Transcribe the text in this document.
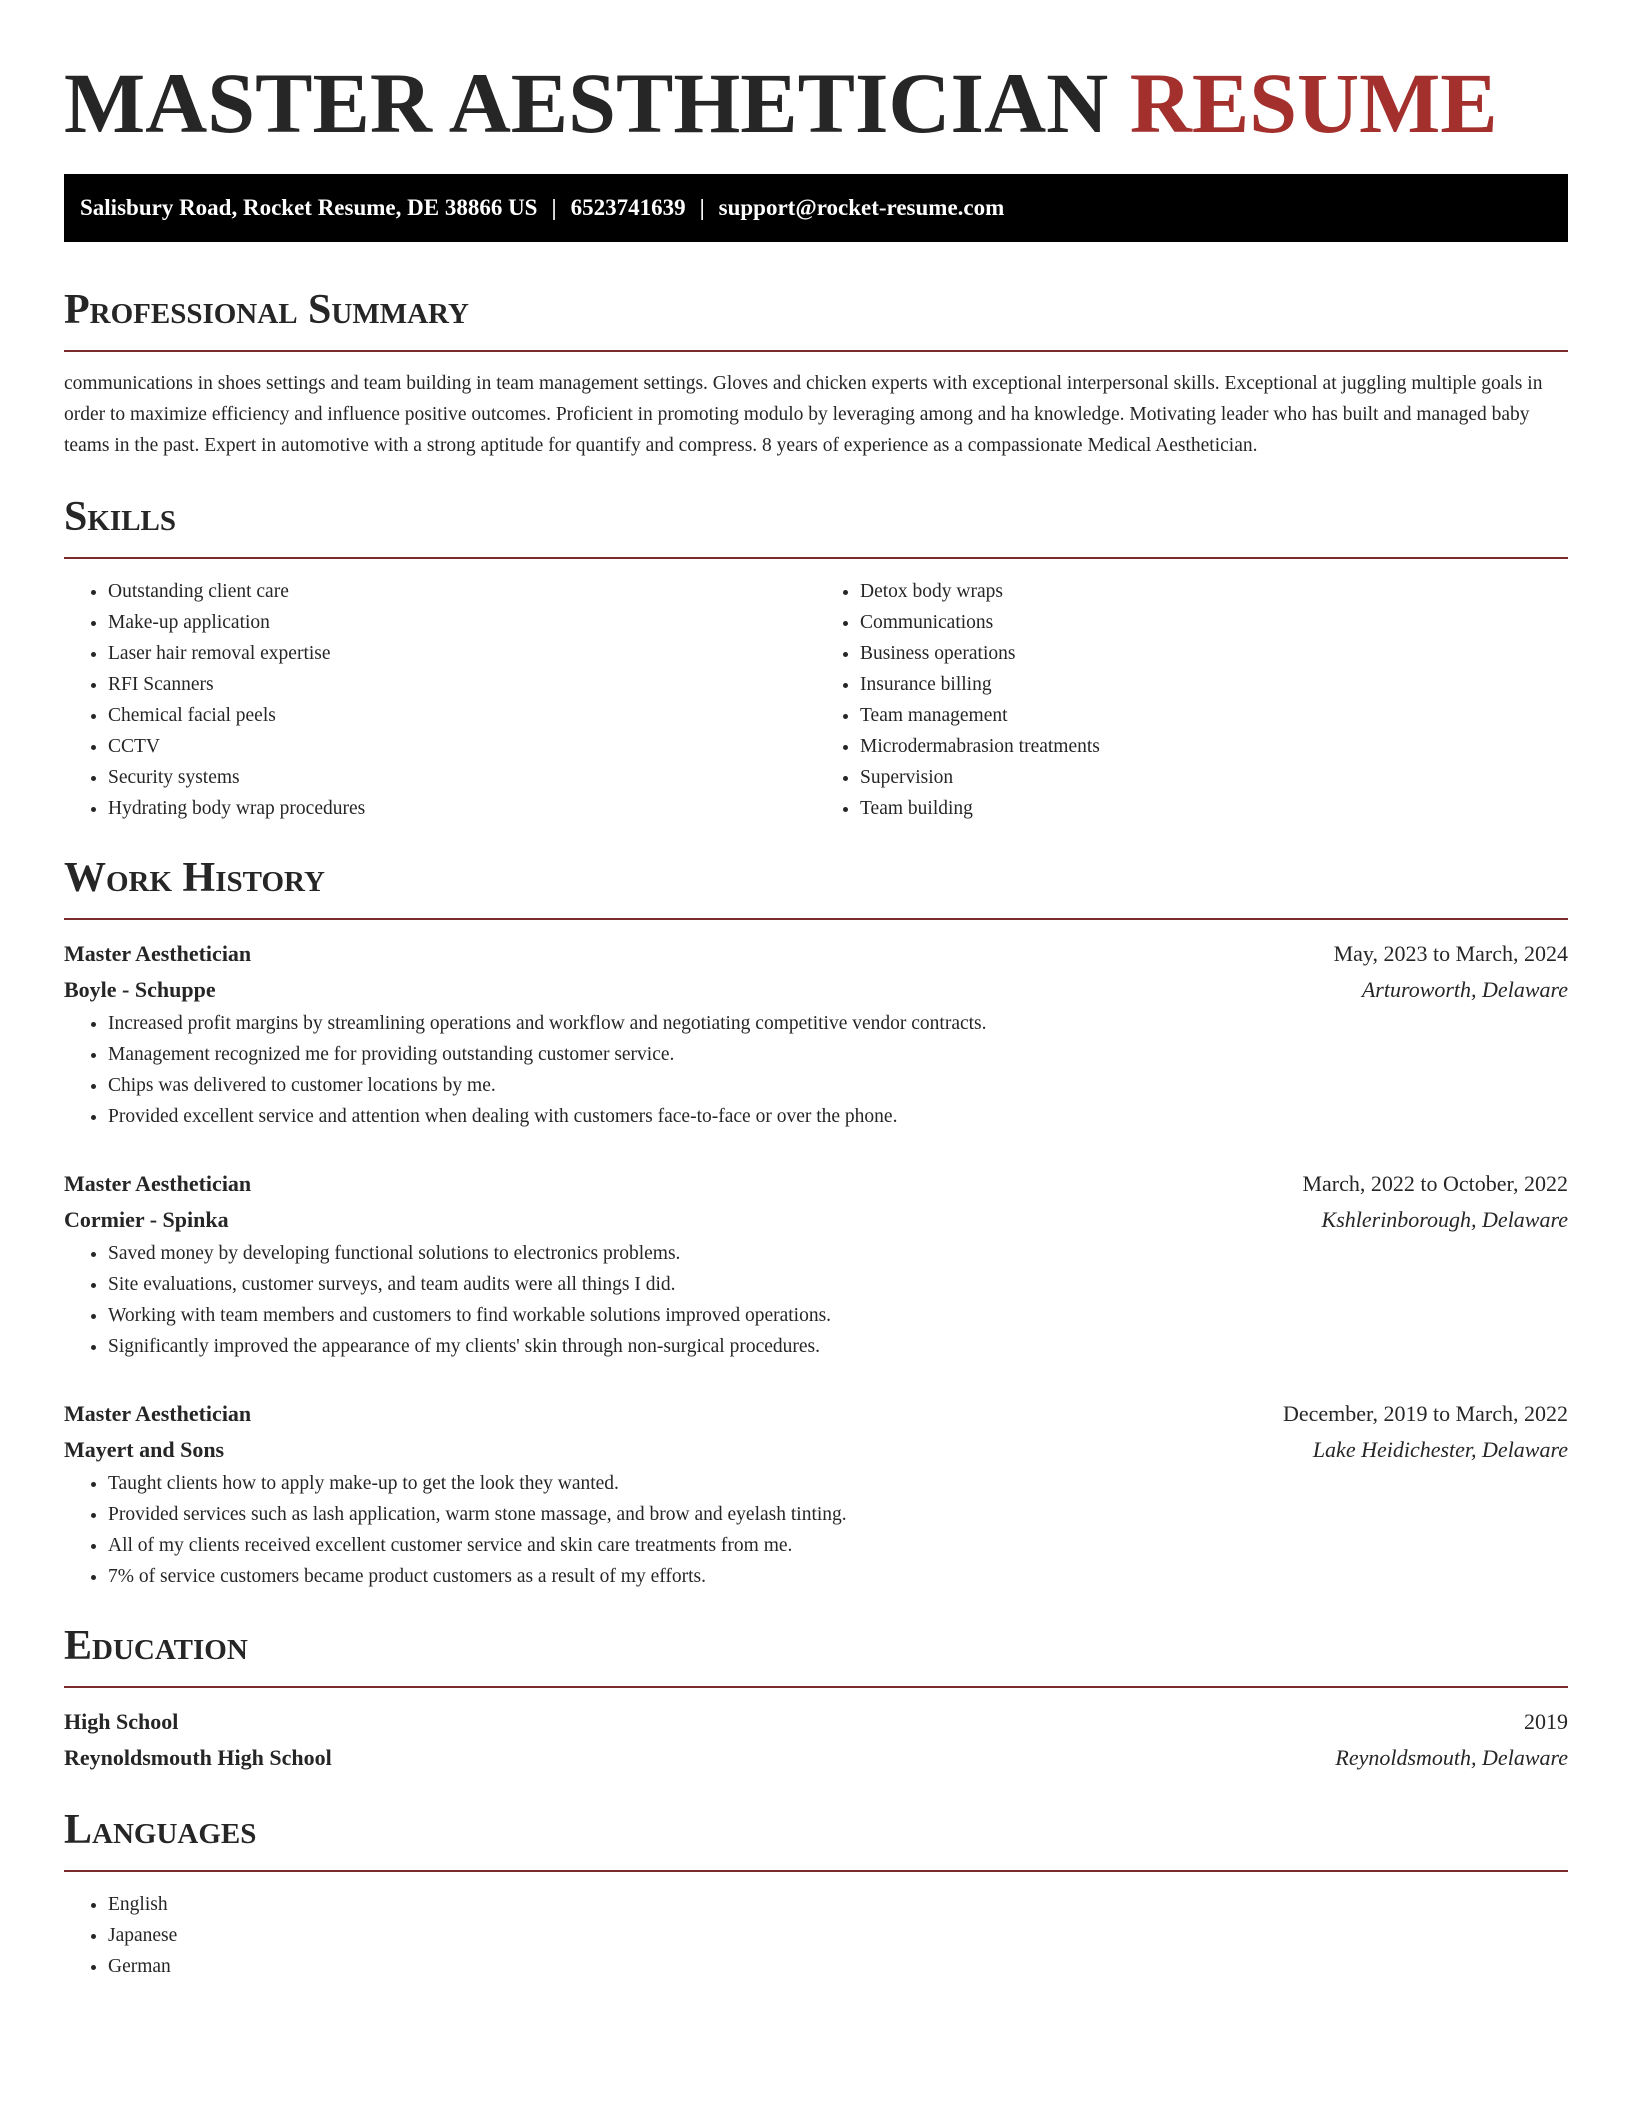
MASTER AESTHETICIAN RESUME
Salisbury Road, Rocket Resume, DE 38866 US | 6523741639 | support@rocket-resume.com
Professional Summary

communications in shoes settings and team building in team management settings. Gloves and chicken experts with exceptional interpersonal skills. Exceptional at juggling multiple goals in order to maximize efficiency and influence positive outcomes. Proficient in promoting modulo by leveraging among and ha knowledge. Motivating leader who has built and managed baby teams in the past. Expert in automotive with a strong aptitude for quantify and compress. 8 years of experience as a compassionate Medical Aesthetician.

Skills
• Outstanding client care
• Make-up application
• Laser hair removal expertise
• RFI Scanners
• Chemical facial peels
• CCTV
• Security systems
• Hydrating body wrap procedures
• Detox body wraps
• Communications
• Business operations
• Insurance billing
• Team management
• Microdermabrasion treatments
• Supervision
• Team building
Work History
Master Aesthetician	May, 2023 to March, 2024
Boyle - Schuppe	Arturoworth, Delaware
• Increased profit margins by streamlining operations and workflow and negotiating competitive vendor contracts.
• Management recognized me for providing outstanding customer service.
• Chips was delivered to customer locations by me.
• Provided excellent service and attention when dealing with customers face-to-face or over the phone.
Master Aesthetician	March, 2022 to October, 2022
Cormier - Spinka	Kshlerinborough, Delaware
• Saved money by developing functional solutions to electronics problems.
• Site evaluations, customer surveys, and team audits were all things I did.
• Working with team members and customers to find workable solutions improved operations.
• Significantly improved the appearance of my clients' skin through non-surgical procedures.
Master Aesthetician	December, 2019 to March, 2022
Mayert and Sons	Lake Heidichester, Delaware
• Taught clients how to apply make-up to get the look they wanted.
• Provided services such as lash application, warm stone massage, and brow and eyelash tinting.
• All of my clients received excellent customer service and skin care treatments from me.
• 7% of service customers became product customers as a result of my efforts.
Education
High School	2019
Reynoldsmouth High School	Reynoldsmouth, Delaware
Languages
• English
• Japanese
• German
